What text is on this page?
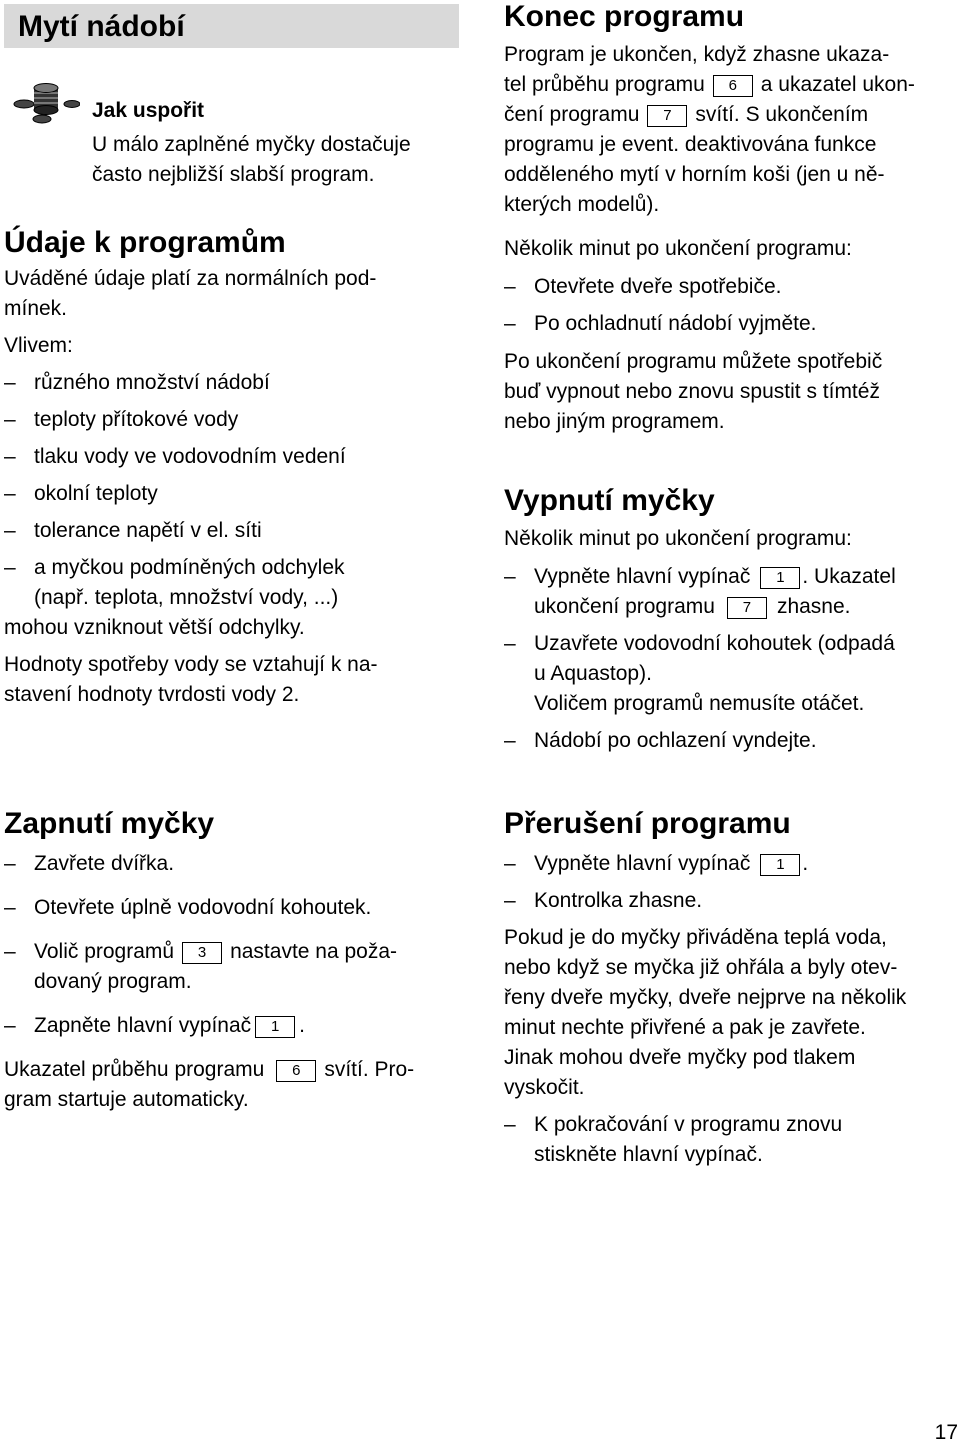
Mytí nádobí
Jak uspořit

U málo zaplněné myčky dostačuje

často nejbližší slabší program.

Údaje k programům

Uváděné údaje platí za normálních pod-

mínek.

Vlivem:

– různého množství nádobí
– teploty přítokové vody
– tlaku vody ve vodovodním vedení
– okolní teploty
– tolerance napětí v el. síti
– a myčkou podmíněných odchylek
(např. teplota, množství vody, ...)

mohou vzniknout větší odchylky.

Hodnoty spotřeby vody se vztahují k na-

stavení hodnoty tvrdosti vody 2.

Zapnutí myčky
– Zavřete dvířka.
– Otevřete úplně vodovodní kohoutek.
– Volič programů 3 nastavte na poža-
dovaný program.
– Zapněte hlavní vypínač 1 .

Ukazatel průběhu programu 6 svítí. Pro-

gram startuje automaticky.

Konec programu

Program je ukončen, když zhasne ukaza-

tel průběhu programu 6 a ukazatel ukon-

čení programu 7 svítí. S ukončením

programu je event. deaktivována funkce

odděleného mytí v horním koši (jen u ně-

kterých modelů).

Několik minut po ukončení programu:

– Otevřete dveře spotřebiče.
– Po ochladnutí nádobí vyjměte.

Po ukončení programu můžete spotřebič

buď vypnout nebo znovu spustit s tímtéž

nebo jiným programem.

Vypnutí myčky

Několik minut po ukončení programu:

– Vypněte hlavní vypínač 1 . Ukazatel
ukončení programu 7 zhasne.
– Uzavřete vodovodní kohoutek (odpadá
u Aquastop).
Voličem programů nemusíte otáčet.
– Nádobí po ochlazení vyndejte.
Přerušení programu
– Vypněte hlavní vypínač 1 .
– Kontrolka zhasne.

Pokud je do myčky přiváděna teplá voda,

nebo když se myčka již ohřála a byly otev-

řeny dveře myčky, dveře nejprve na několik

minut nechte přivřené a pak je zavřete.

Jinak mohou dveře myčky pod tlakem

vyskočit.

– K pokračování v programu znovu
stiskněte hlavní vypínač.
17
